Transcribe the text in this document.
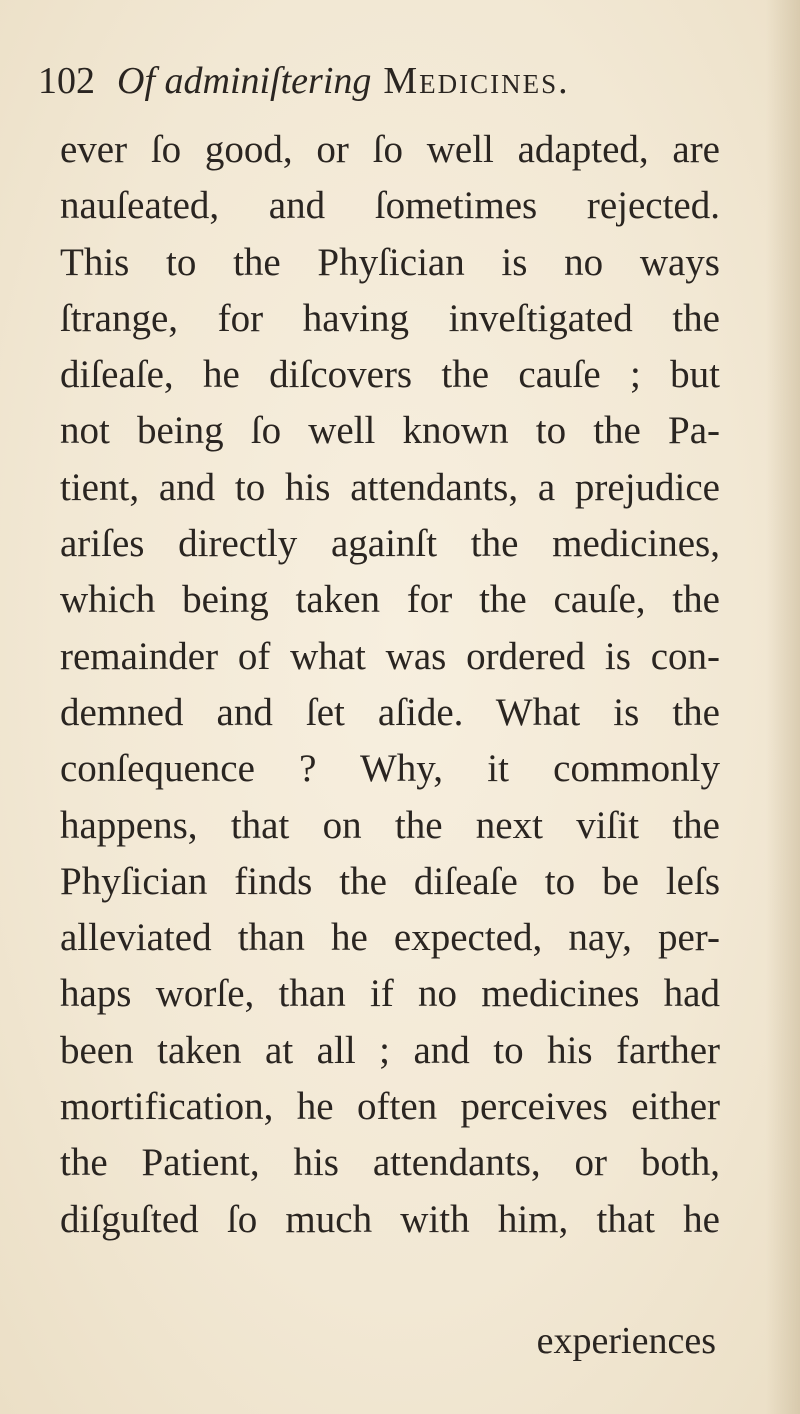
102 Of adminiſtering Medicines.
ever ſo good, or ſo well adapted, are
nauſeated, and ſometimes rejected.
This to the Phyſician is no ways
ſtrange, for having inveſtigated the
diſeaſe, he diſcovers the cauſe ; but
not being ſo well known to the Pa-
tient, and to his attendants, a prejudice
ariſes directly againſt the medicines,
which being taken for the cauſe, the
remainder of what was ordered is con-
demned and ſet aſide. What is the
conſequence ? Why, it commonly
happens, that on the next viſit the
Phyſician finds the diſeaſe to be leſs
alleviated than he expected, nay, per-
haps worſe, than if no medicines had
been taken at all ; and to his farther
mortification, he often perceives either
the Patient, his attendants, or both,
diſguſted ſo much with him, that he
experiences
